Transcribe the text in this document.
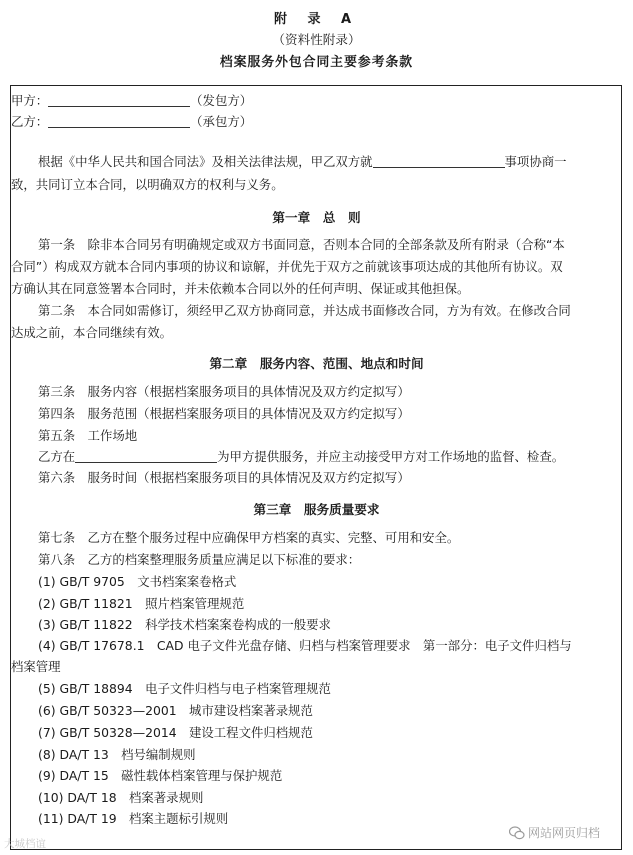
附 录 A
（资料性附录）
档案服务外包合同主要参考条款
甲方：	（发包方）
乙方：	（承包方）
根据《中华人民共和国合同法》及相关法律法规，甲乙双方就	事项协商一
致，共同订立本合同，以明确双方的权利与义务。
第一章　总　则
第一条　除非本合同另有明确规定或双方书面同意，否则本合同的全部条款及所有附录（合称“本
合同”）构成双方就本合同内事项的协议和谅解，并优先于双方之前就该事项达成的其他所有协议。双
方确认其在同意签署本合同时，并未依赖本合同以外的任何声明、保证或其他担保。
第二条　本合同如需修订，须经甲乙双方协商同意，并达成书面修改合同，方为有效。在修改合同
达成之前，本合同继续有效。
第二章　服务内容、范围、地点和时间
第三条　服务内容（根据档案服务项目的具体情况及双方约定拟写）
第四条　服务范围（根据档案服务项目的具体情况及双方约定拟写）
第五条　工作场地
乙方在	为甲方提供服务，并应主动接受甲方对工作场地的监督、检查。
第六条　服务时间（根据档案服务项目的具体情况及双方约定拟写）
第三章　服务质量要求
第七条　乙方在整个服务过程中应确保甲方档案的真实、完整、可用和安全。
第八条　乙方的档案整理服务质量应满足以下标准的要求：
(1) GB/T 9705　文书档案案卷格式
(2) GB/T 11821　照片档案管理规范
(3) GB/T 11822　科学技术档案案卷构成的一般要求
(4) GB/T 17678.1　CAD 电子文件光盘存储、归档与档案管理要求　第一部分：电子文件归档与
档案管理
(5) GB/T 18894　电子文件归档与电子档案管理规范
(6) GB/T 50323—2001　城市建设档案著录规范
(7) GB/T 50328—2014　建设工程文件归档规范
(8) DA/T 13　档号编制规则
(9) DA/T 15　磁性载体档案管理与保护规范
(10) DA/T 18　档案著录规则
(11) DA/T 19　档案主题标引规则
大城档谊
网站网页归档
